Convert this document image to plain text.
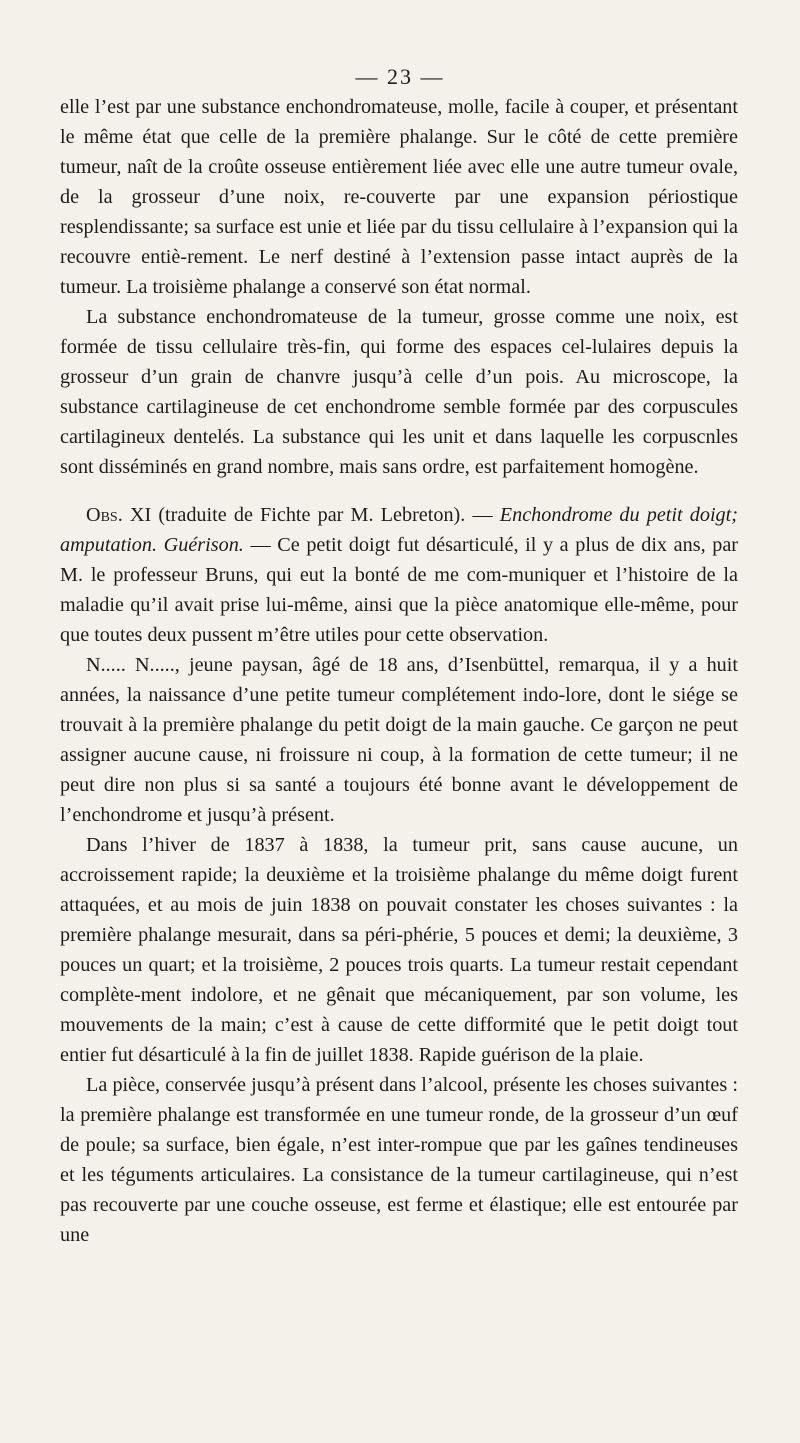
— 23 —

elle l’est par une substance enchondromateuse, molle, facile à couper, et présentant le même état que celle de la première phalange. Sur le côté de cette première tumeur, naît de la croûte osseuse entièrement liée avec elle une autre tumeur ovale, de la grosseur d’une noix, re-couverte par une expansion périostique resplendissante; sa surface est unie et liée par du tissu cellulaire à l’expansion qui la recouvre entiè-rement. Le nerf destiné à l’extension passe intact auprès de la tumeur. La troisième phalange a conservé son état normal.

La substance enchondromateuse de la tumeur, grosse comme une noix, est formée de tissu cellulaire très-fin, qui forme des espaces cel-lulaires depuis la grosseur d’un grain de chanvre jusqu’à celle d’un pois. Au microscope, la substance cartilagineuse de cet enchondrome semble formée par des corpuscules cartilagineux dentelés. La substance qui les unit et dans laquelle les corpuscnles sont disséminés en grand nombre, mais sans ordre, est parfaitement homogène.

Obs. XI (traduite de Fichte par M. Lebreton). — Enchondrome du petit doigt; amputation. Guérison. — Ce petit doigt fut désarticulé, il y a plus de dix ans, par M. le professeur Bruns, qui eut la bonté de me com-muniquer et l’histoire de la maladie qu’il avait prise lui-même, ainsi que la pièce anatomique elle-même, pour que toutes deux pussent m’être utiles pour cette observation.

N..... N....., jeune paysan, âgé de 18 ans, d’Isenbüttel, remarqua, il y a huit années, la naissance d’une petite tumeur complétement indo-lore, dont le siége se trouvait à la première phalange du petit doigt de la main gauche. Ce garçon ne peut assigner aucune cause, ni froissure ni coup, à la formation de cette tumeur; il ne peut dire non plus si sa santé a toujours été bonne avant le développement de l’enchondrome et jusqu’à présent.

Dans l’hiver de 1837 à 1838, la tumeur prit, sans cause aucune, un accroissement rapide; la deuxième et la troisième phalange du même doigt furent attaquées, et au mois de juin 1838 on pouvait constater les choses suivantes : la première phalange mesurait, dans sa péri-phérie, 5 pouces et demi; la deuxième, 3 pouces un quart; et la troisième, 2 pouces trois quarts. La tumeur restait cependant complète-ment indolore, et ne gênait que mécaniquement, par son volume, les mouvements de la main; c’est à cause de cette difformité que le petit doigt tout entier fut désarticulé à la fin de juillet 1838. Rapide guérison de la plaie.

La pièce, conservée jusqu’à présent dans l’alcool, présente les choses suivantes : la première phalange est transformée en une tumeur ronde, de la grosseur d’un œuf de poule; sa surface, bien égale, n’est inter-rompue que par les gaînes tendineuses et les téguments articulaires. La consistance de la tumeur cartilagineuse, qui n’est pas recouverte par une couche osseuse, est ferme et élastique; elle est entourée par une
